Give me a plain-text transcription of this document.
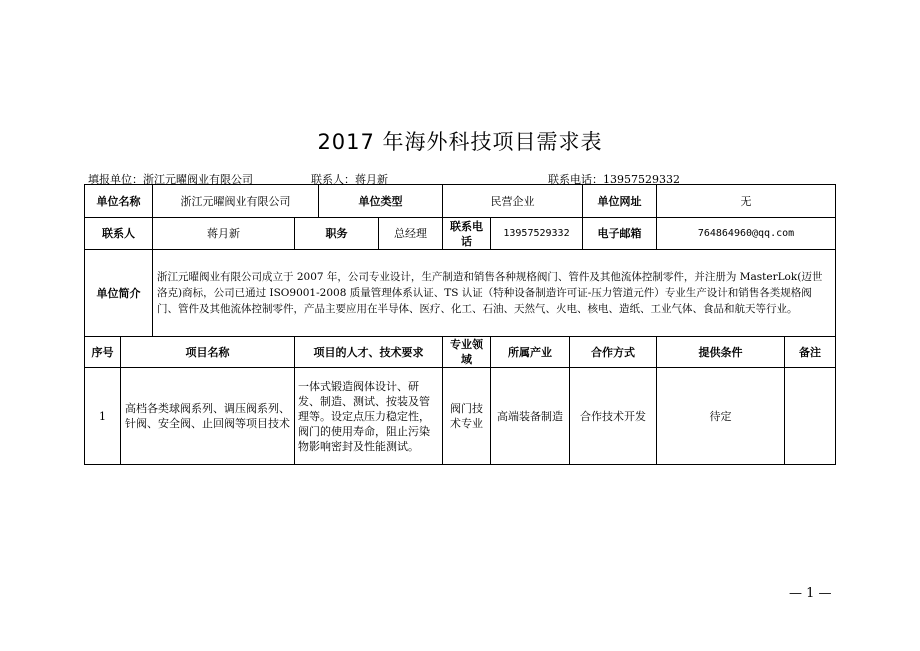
2017 年海外科技项目需求表
填报单位：浙江元曜阀业有限公司	联系人：蒋月新	联系电话：13957529332
单位名称		浙江元曜阀业有限公司		单位类型		民营企业			单位网址	无	
联系人		蒋月新	职务		总经理	联系电话	13957529332		电子邮箱	764864960@qq.com	
单位简介		浙江元曜阀业有限公司成立于 2007 年，公司专业设计，生产制造和销售各种规格阀门、管件及其他流体控制零件，并注册为 MasterLok(迈世洛克)商标，公司已通过 ISO9001-2008 质量管理体系认证、TS 认证（特种设备制造许可证-压力管道元件）专业生产设计和销售各类规格阀门、管件及其他流体控制零件，产品主要应用在半导体、医疗、化工、石油、天然气、火电、核电、造纸、工业气体、食品和航天等行业。									
序号	项目名称		项目的人才、技术要求			专业领域	所属产业	合作方式		提供条件	备注
1	高档各类球阀系列、调压阀系列、针阀、安全阀、止回阀等项目技术		一体式锻造阀体设计、研发、制造、测试、按装及管理等。设定点压力稳定性，阀门的使用寿命，阻止污染物影响密封及性能测试。			阀门技术专业	高端装备制造	合作技术开发		待定	
— 1 —
